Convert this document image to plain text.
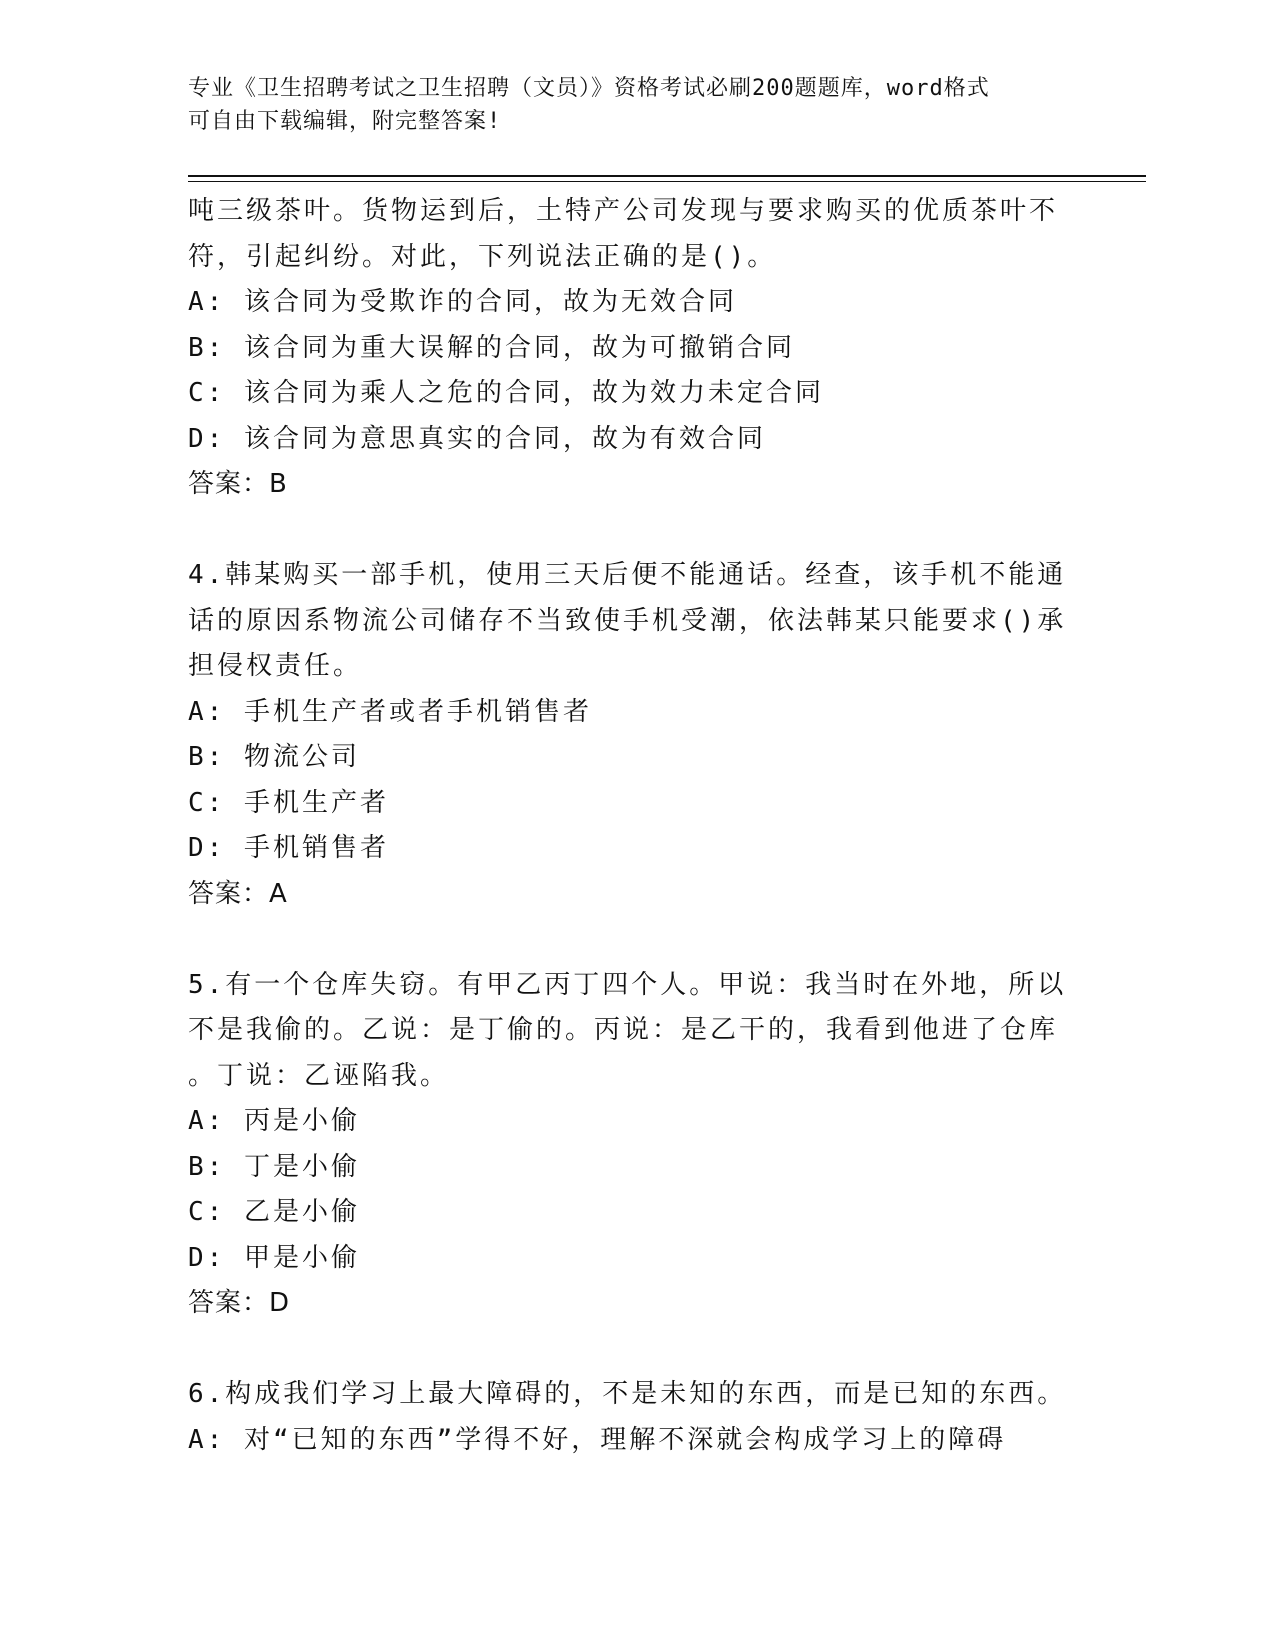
专业《卫生招聘考试之卫生招聘（文员）》资格考试必刷200题题库，word格式
可自由下载编辑，附完整答案!
吨三级茶叶。货物运到后，土特产公司发现与要求购买的优质茶叶不
符，引起纠纷。对此，下列说法正确的是()。
A: 该合同为受欺诈的合同，故为无效合同
B: 该合同为重大误解的合同，故为可撤销合同
C: 该合同为乘人之危的合同，故为效力未定合同
D: 该合同为意思真实的合同，故为有效合同
答案：B
4.韩某购买一部手机，使用三天后便不能通话。经查，该手机不能通
话的原因系物流公司储存不当致使手机受潮，依法韩某只能要求()承
担侵权责任。
A: 手机生产者或者手机销售者
B: 物流公司
C: 手机生产者
D: 手机销售者
答案：A
5.有一个仓库失窃。有甲乙丙丁四个人。甲说：我当时在外地，所以
不是我偷的。乙说：是丁偷的。丙说：是乙干的，我看到他进了仓库
。丁说：乙诬陷我。
A: 丙是小偷
B: 丁是小偷
C: 乙是小偷
D: 甲是小偷
答案：D
6.构成我们学习上最大障碍的，不是未知的东西，而是已知的东西。
A: 对“已知的东西”学得不好，理解不深就会构成学习上的障碍
